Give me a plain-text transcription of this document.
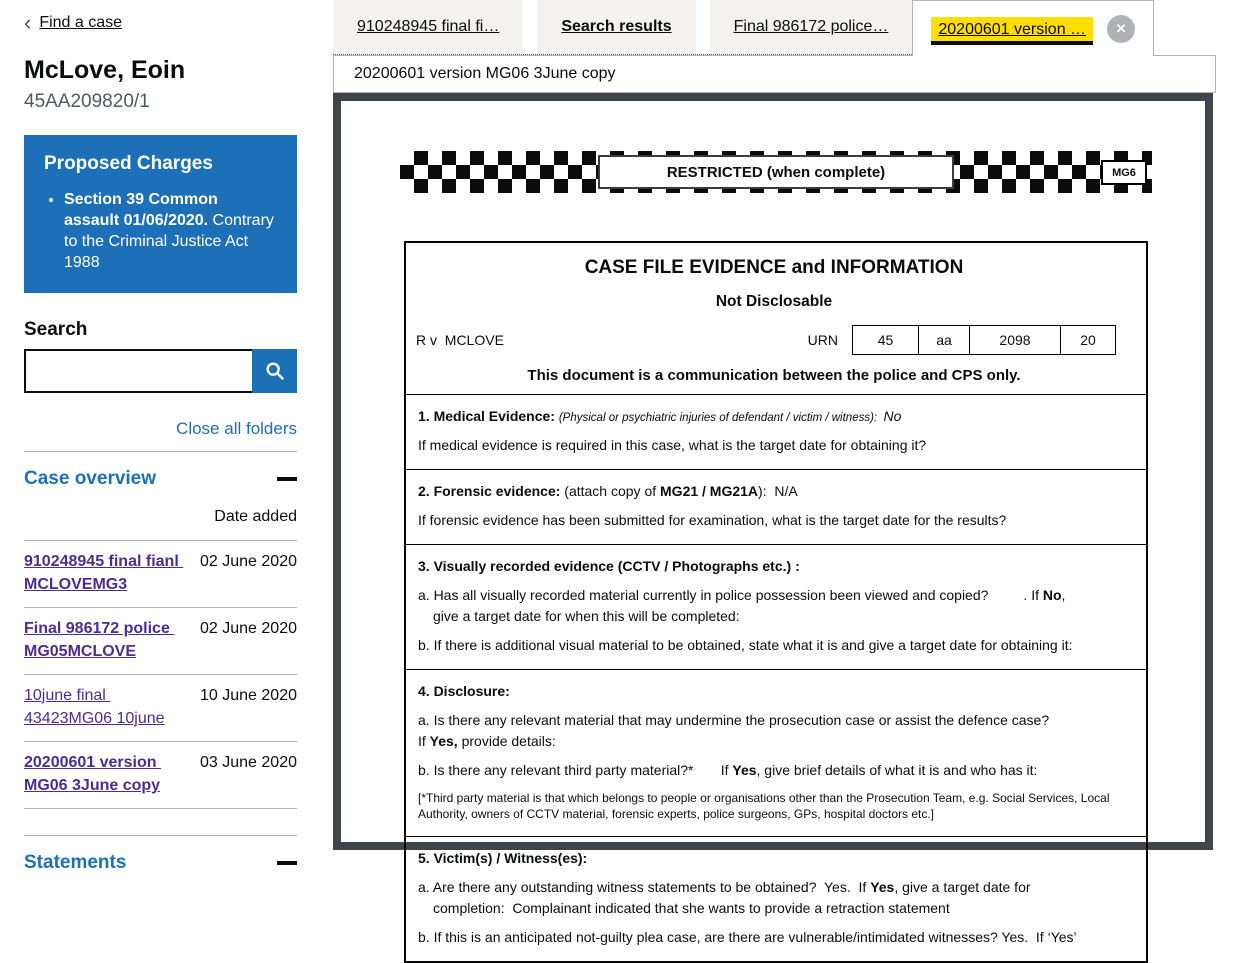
‹ Find a case
McLove, Eoin
45AA209820/1
Proposed Charges
• Section 39 Common assault 01/06/2020. Contrary to the Criminal Justice Act 1988
Search
Close all folders
Case overview
Date added
910248945 final fianl MCLOVEMG3
02 June 2020
Final 986172 police MG05MCLOVE
02 June 2020
10june final 43423MG06 10june
10 June 2020
20200601 version MG06 3June copy
03 June 2020
Statements
910248945 final fi…	Search results	Final 986172 police…	20200601 version …	✕
20200601 version MG06 3June copy
RESTRICTED (when complete)	MG6
CASE FILE EVIDENCE and INFORMATION
Not Disclosable
R v  MCLOVE	URN	45	aa	2098	20
This document is a communication between the police and CPS only.

1. Medical Evidence: (Physical or psychiatric injuries of defendant / victim / witness):  No

If medical evidence is required in this case, what is the target date for obtaining it?

2. Forensic evidence: (attach copy of MG21 / MG21A):  N/A

If forensic evidence has been submitted for examination, what is the target date for the results?

3. Visually recorded evidence (CCTV / Photographs etc.) :

a. Has all visually recorded material currently in police possession been viewed and copied?         . If No,

give a target date for when this will be completed:

b. If there is additional visual material to be obtained, state what it is and give a target date for obtaining it:

4. Disclosure:

a. Is there any relevant material that may undermine the prosecution case or assist the defence case?

If Yes, provide details:

b. Is there any relevant third party material?*       If Yes, give brief details of what it is and who has it:

[*Third party material is that which belongs to people or organisations other than the Prosecution Team, e.g. Social Services, Local Authority, owners of CCTV material, forensic experts, police surgeons, GPs, hospital doctors etc.]

5. Victim(s) / Witness(es):

a. Are there any outstanding witness statements to be obtained?  Yes.  If Yes, give a target date for

completion:  Complainant indicated that she wants to provide a retraction statement

b. If this is an anticipated not-guilty plea case, are there are vulnerable/intimidated witnesses? Yes.  If ‘Yes’
